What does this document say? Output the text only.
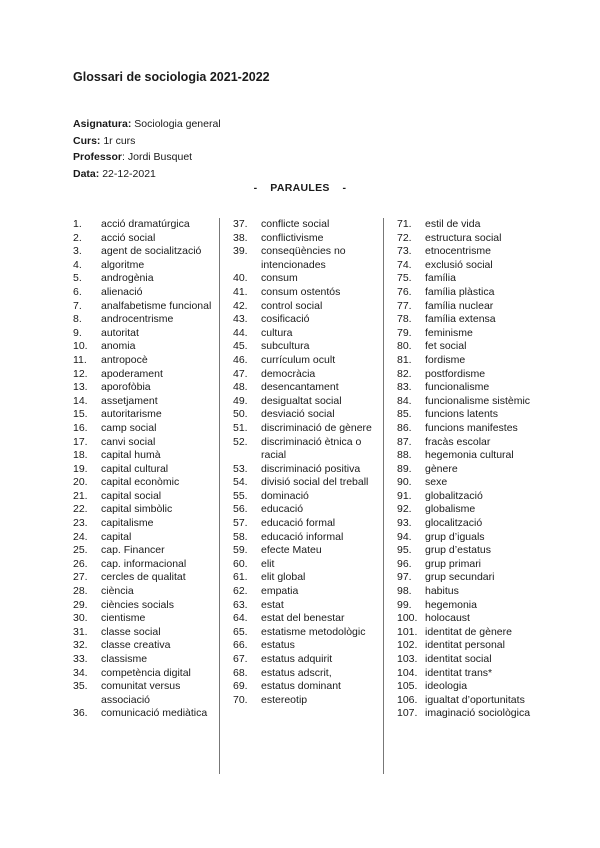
Glossari de sociologia 2021-2022
Asignatura: Sociologia general
Curs: 1r curs
Professor: Jordi Busquet
Data: 22-12-2021
-    PARAULES    -
1.	acció dramatúrgica
2.	acció social
3.	agent de socialització
4.	algoritme
5.	androgènia
6.	alienació
7.	analfabetisme funcional
8.	androcentrisme
9.	autoritat
10.	anomia
11.	antropocè
12.	apoderament
13.	aporofòbia
14.	assetjament
15.	autoritarisme
16.	camp social
17.	canvi social
18.	capital humà
19.	capital cultural
20.	capital econòmic
21.	capital social
22.	capital simbòlic
23.	capitalisme
24.	capital
25.	cap. Financer
26.	cap. informacional
27.	cercles de qualitat
28.	ciència
29.	ciències socials
30.	cientisme
31.	classe social
32.	classe creativa
33.	classisme
34.	competència digital
35.	comunitat versus associació
36.	comunicació mediàtica
37.	conflicte social
38.	conflictivisme
39.	conseqüències no intencionades
40.	consum
41.	consum ostentós
42.	control social
43.	cosificació
44.	cultura
45.	subcultura
46.	currículum ocult
47.	democràcia
48.	desencantament
49.	desigualtat social
50.	desviació social
51.	discriminació de gènere
52.	discriminació ètnica o racial
53.	discriminació positiva
54.	divisió social del treball
55.	dominació
56.	educació
57.	educació formal
58.	educació informal
59.	efecte Mateu
60.	elit
61.	elit global
62.	empatia
63.	estat
64.	estat del benestar
65.	estatisme metodològic
66.	estatus
67.	estatus adquirit
68.	estatus adscrit,
69.	estatus dominant
70.	estereotip
71.	estil de vida
72.	estructura social
73.	etnocentrisme
74.	exclusió social
75.	família
76.	família plàstica
77.	família nuclear
78.	família extensa
79.	feminisme
80.	fet social
81.	fordisme
82.	postfordisme
83.	funcionalisme
84.	funcionalisme sistèmic
85.	funcions latents
86.	funcions manifestes
87.	fracàs escolar
88.	hegemonia cultural
89.	gènere
90.	sexe
91.	globalització
92.	globalisme
93.	glocalització
94.	grup d’iguals
95.	grup d’estatus
96.	grup primari
97.	grup secundari
98.	habitus
99.	hegemonia
100. holocaust
101. identitat de gènere
102. identitat personal
103. identitat social
104. identitat trans*
105. ideologia
106. igualtat d’oportunitats
107. imaginació sociològica
